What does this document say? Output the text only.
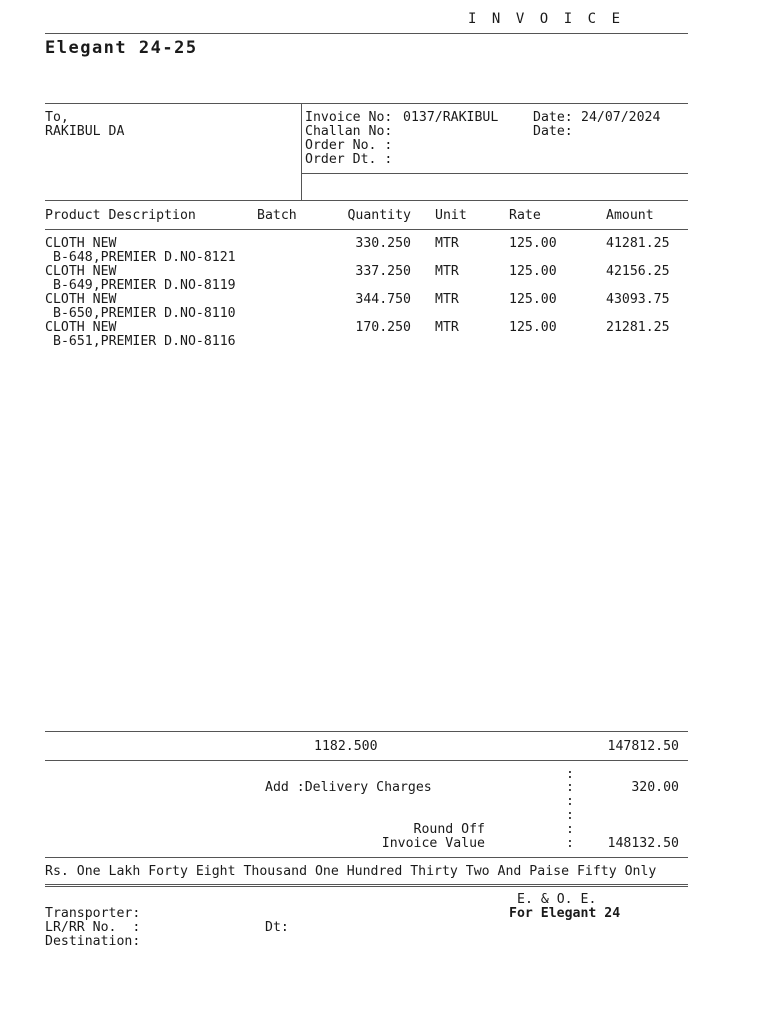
INVOICE
Elegant 24-25
To,
RAKIBUL DA
Invoice No: 0137/RAKIBUL	Date: 24/07/2024
Challan No:	Date:
Order No. :
Order Dt. :
Product Description	Batch	Quantity Unit	Rate	Amount
CLOTH NEW
B-648,PREMIER D.NO-8121
330.250 MTR	125.00	41281.25
CLOTH NEW
B-649,PREMIER D.NO-8119
337.250 MTR	125.00	42156.25
CLOTH NEW
B-650,PREMIER D.NO-8110
344.750 MTR	125.00	43093.75
CLOTH NEW
B-651,PREMIER D.NO-8116
170.250 MTR	125.00	21281.25
1182.500	147812.50
:
Add :Delivery Charges	:	320.00
:
:
Round Off	:
Invoice Value	:	148132.50
Rs. One Lakh Forty Eight Thousand One Hundred Thirty Two And Paise Fifty Only
E. & O. E.
For Elegant 24
Transporter:
LR/RR No.  :	Dt:
Destination:
